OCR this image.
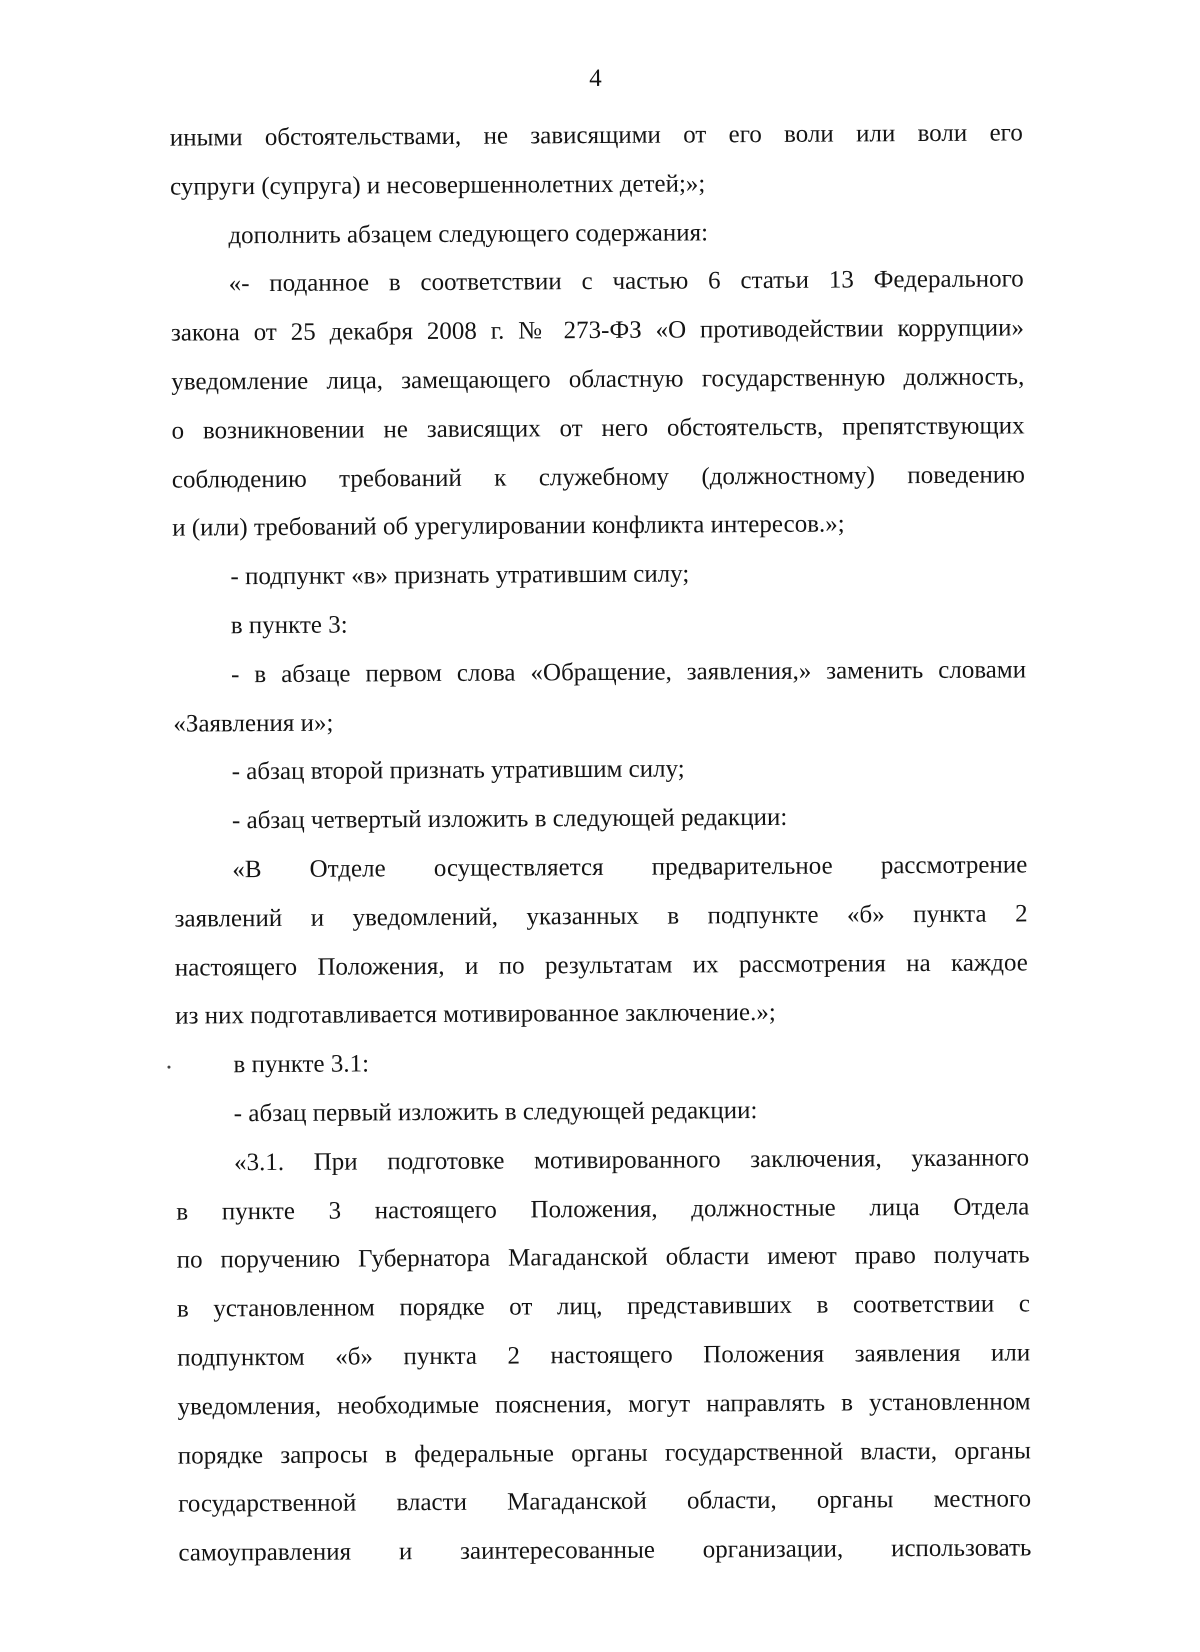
4
иными обстоятельствами, не зависящими от его воли или воли его
супруги (супруга) и несовершеннолетних детей;»;
дополнить абзацем следующего содержания:
«- поданное в соответствии с частью 6 статьи 13 Федерального
закона от 25 декабря 2008 г. № 273-ФЗ «О противодействии коррупции»
уведомление лица, замещающего областную государственную должность,
о возникновении не зависящих от него обстоятельств, препятствующих
соблюдению требований к служебному (должностному) поведению
и (или) требований об урегулировании конфликта интересов.»;
- подпункт «в» признать утратившим силу;
в пункте 3:
- в абзаце первом слова «Обращение, заявления,» заменить словами
«Заявления и»;
- абзац второй признать утратившим силу;
- абзац четвертый изложить в следующей редакции:
«В Отделе осуществляется предварительное рассмотрение
заявлений и уведомлений, указанных в подпункте «б» пункта 2
настоящего Положения, и по результатам их рассмотрения на каждое
из них подготавливается мотивированное заключение.»;
в пункте 3.1:
- абзац первый изложить в следующей редакции:
«3.1. При подготовке мотивированного заключения, указанного
в пункте 3 настоящего Положения, должностные лица Отдела
по поручению Губернатора Магаданской области имеют право получать
в установленном порядке от лиц, представивших в соответствии с
подпунктом «б» пункта 2 настоящего Положения заявления или
уведомления, необходимые пояснения, могут направлять в установленном
порядке запросы в федеральные органы государственной власти, органы
государственной власти Магаданской области, органы местного
самоуправления и заинтересованные организации, использовать
